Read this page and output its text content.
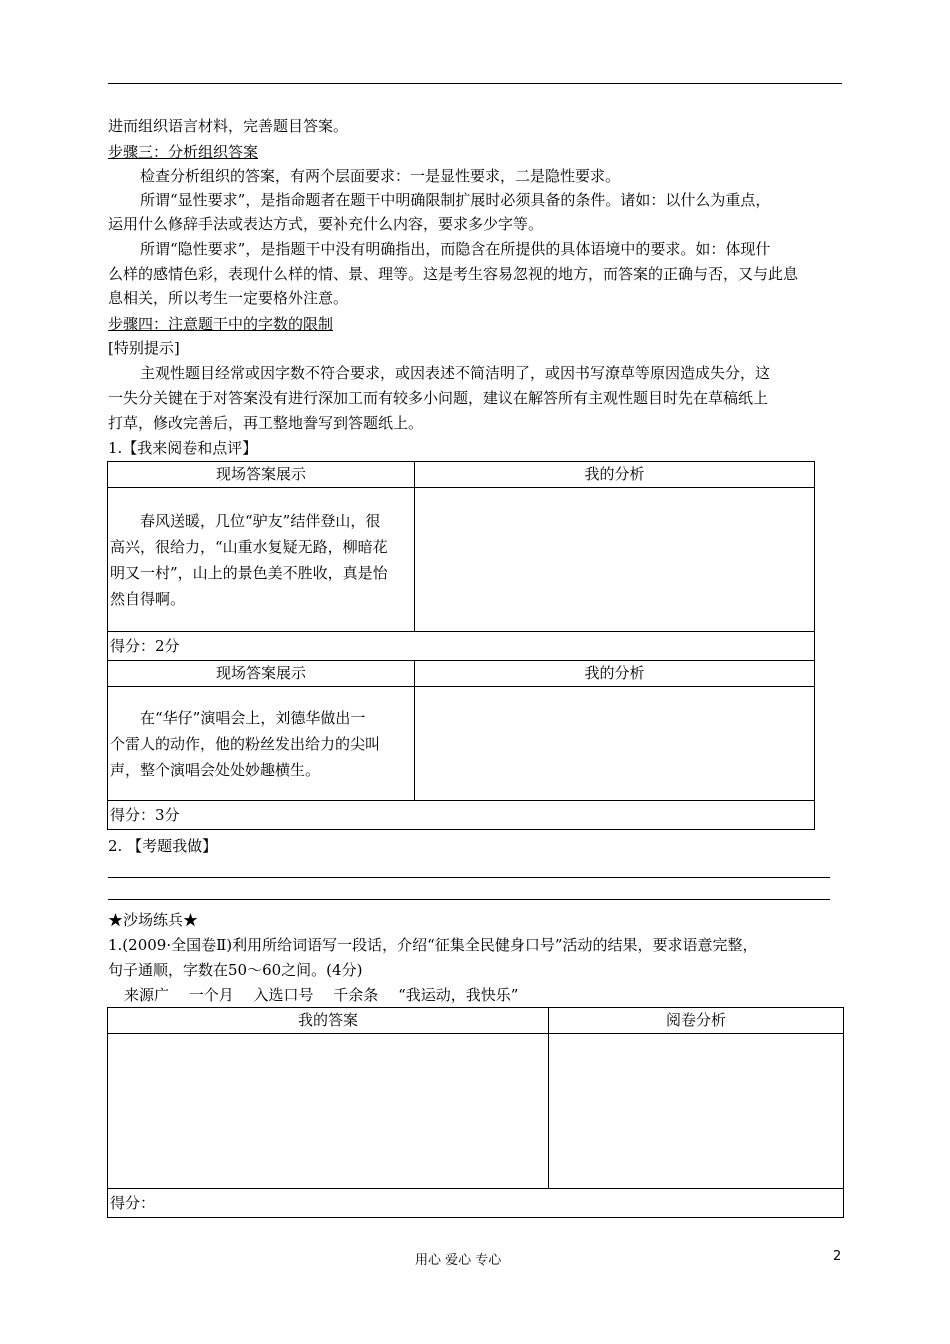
进而组织语言材料，完善题目答案。
步骤三：分析组织答案
检查分析组织的答案，有两个层面要求：一是显性要求，二是隐性要求。
所谓“显性要求”，是指命题者在题干中明确限制扩展时必须具备的条件。诸如：以什么为重点，
运用什么修辞手法或表达方式，要补充什么内容，要求多少字等。
所谓“隐性要求”，是指题干中没有明确指出，而隐含在所提供的具体语境中的要求。如：体现什
么样的感情色彩，表现什么样的情、景、理等。这是考生容易忽视的地方，而答案的正确与否，又与此息
息相关，所以考生一定要格外注意。
步骤四：注意题干中的字数的限制
[特别提示]
主观性题目经常或因字数不符合要求，或因表述不简洁明了，或因书写潦草等原因造成失分，这
一失分关键在于对答案没有进行深加工而有较多小问题，建议在解答所有主观性题目时先在草稿纸上
打草，修改完善后，再工整地誊写到答题纸上。
1.【我来阅卷和点评】
现场答案展示	我的分析

春风送暖，几位“驴友”结伴登山，很
高兴，很给力，“山重水复疑无路，柳暗花
明又一村”，山上的景色美不胜收，真是怡
然自得啊。	

得分：2分	
现场答案展示	我的分析

在“华仔”演唱会上，刘德华做出一
个雷人的动作，他的粉丝发出给力的尖叫
声，整个演唱会处处妙趣横生。	

得分：3分	
2. 【考题我做】
★沙场练兵★
1.(2009·全国卷Ⅱ)利用所给词语写一段话，介绍“征集全民健身口号”活动的结果，要求语意完整，
句子通顺，字数在50～60之间。(4分)
来源广　 一个月　 入选口号　 千余条　 “我运动，我快乐”
我的答案	阅卷分析

得分：	
用心 爱心 专心	2
